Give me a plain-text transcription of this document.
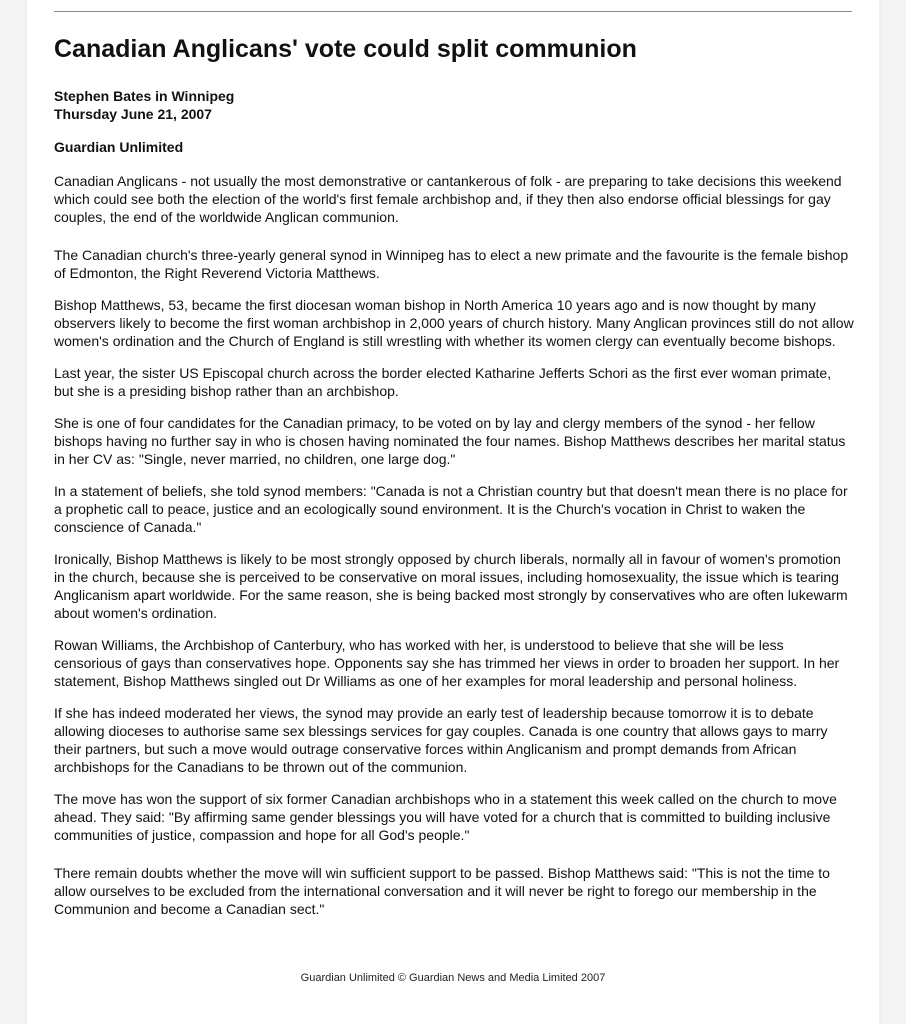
Canadian Anglicans' vote could split communion
Stephen Bates in Winnipeg
Thursday June 21, 2007
Guardian Unlimited

Canadian Anglicans - not usually the most demonstrative or cantankerous of folk - are preparing to take decisions this weekend which could see both the election of the world's first female archbishop and, if they then also endorse official blessings for gay couples, the end of the worldwide Anglican communion.

The Canadian church's three-yearly general synod in Winnipeg has to elect a new primate and the favourite is the female bishop of Edmonton, the Right Reverend Victoria Matthews.

Bishop Matthews, 53, became the first diocesan woman bishop in North America 10 years ago and is now thought by many observers likely to become the first woman archbishop in 2,000 years of church history. Many Anglican provinces still do not allow women's ordination and the Church of England is still wrestling with whether its women clergy can eventually become bishops.

Last year, the sister US Episcopal church across the border elected Katharine Jefferts Schori as the first ever woman primate, but she is a presiding bishop rather than an archbishop.

She is one of four candidates for the Canadian primacy, to be voted on by lay and clergy members of the synod - her fellow bishops having no further say in who is chosen having nominated the four names. Bishop Matthews describes her marital status in her CV as: "Single, never married, no children, one large dog."

In a statement of beliefs, she told synod members: "Canada is not a Christian country but that doesn't mean there is no place for a prophetic call to peace, justice and an ecologically sound environment. It is the Church's vocation in Christ to waken the conscience of Canada."

Ironically, Bishop Matthews is likely to be most strongly opposed by church liberals, normally all in favour of women's promotion in the church, because she is perceived to be conservative on moral issues, including homosexuality, the issue which is tearing Anglicanism apart worldwide. For the same reason, she is being backed most strongly by conservatives who are often lukewarm about women's ordination.

Rowan Williams, the Archbishop of Canterbury, who has worked with her, is understood to believe that she will be less censorious of gays than conservatives hope. Opponents say she has trimmed her views in order to broaden her support. In her statement, Bishop Matthews singled out Dr Williams as one of her examples for moral leadership and personal holiness.

If she has indeed moderated her views, the synod may provide an early test of leadership because tomorrow it is to debate allowing dioceses to authorise same sex blessings services for gay couples. Canada is one country that allows gays to marry their partners, but such a move would outrage conservative forces within Anglicanism and prompt demands from African archbishops for the Canadians to be thrown out of the communion.

The move has won the support of six former Canadian archbishops who in a statement this week called on the church to move ahead. They said: "By affirming same gender blessings you will have voted for a church that is committed to building inclusive communities of justice, compassion and hope for all God's people."

There remain doubts whether the move will win sufficient support to be passed. Bishop Matthews said: "This is not the time to allow ourselves to be excluded from the international conversation and it will never be right to forego our membership in the Communion and become a Canadian sect."

Guardian Unlimited © Guardian News and Media Limited 2007
